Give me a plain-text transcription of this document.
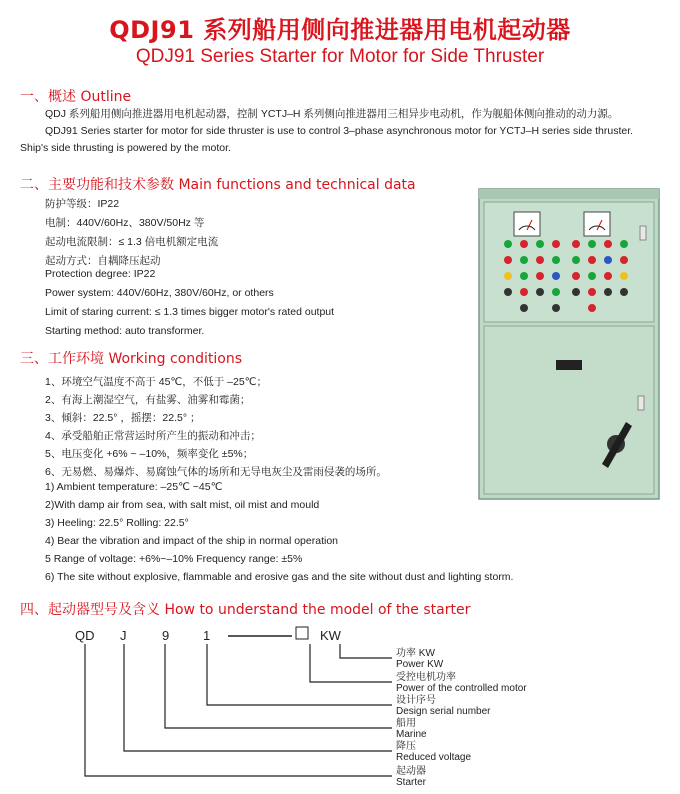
QDJ91 系列船用侧向推进器用电机起动器
QDJ91 Series Starter for Motor for Side Thruster
一、概述 Outline
QDJ 系列船用侧向推进器用电机起动器，控制 YCTJ–H 系列侧向推进器用三相异步电动机，作为舰船体侧向推动的动力源。
QDJ91 Series starter for motor for side thruster is use to control 3–phase asynchronous motor for YCTJ–H series side thruster. Ship's side thrusting is powered by the motor.
二、主要功能和技术参数 Main functions and technical data
防护等级：IP22
电制：440V/60Hz、380V/50Hz 等
起动电流限制：≤ 1.3 倍电机额定电流
起动方式：自耦降压起动
Protection degree: IP22
Power system: 440V/60Hz, 380V/60Hz, or others
Limit of staring current: ≤ 1.3 times bigger motor's rated output
Starting method: auto transformer.
三、工作环境 Working conditions
1、环境空气温度不高于 45℃，不低于 –25℃；
2、有海上潮湿空气，有盐雾、油雾和霉菌；
3、倾斜：22.5° ，摇摆：22.5° ；
4、承受船舶正常营运时所产生的振动和冲击；
5、电压变化 +6% ~ –10%，频率变化 ±5%；
6、无易燃、易爆炸、易腐蚀气体的场所和无导电灰尘及雷雨侵袭的场所。
1) Ambient temperature: –25℃ ~45℃
2)With damp air from sea, with salt mist, oil mist and mould
3) Heeling: 22.5° Rolling: 22.5°
4) Bear the vibration and impact of the ship in normal operation
5 Range of voltage: +6%~–10% Frequency range: ±5%
6) The site without explosive, flammable and erosive gas and the site without dust and lighting storm.
四、起动器型号及含义 How to understand the model of the starter
QD J	9	1	KW
功率 KW
Power KW
受控电机功率
Power of the controlled motor
设计序号
Design serial number
船用
Marine
降压
Reduced voltage
起动器
Starter
